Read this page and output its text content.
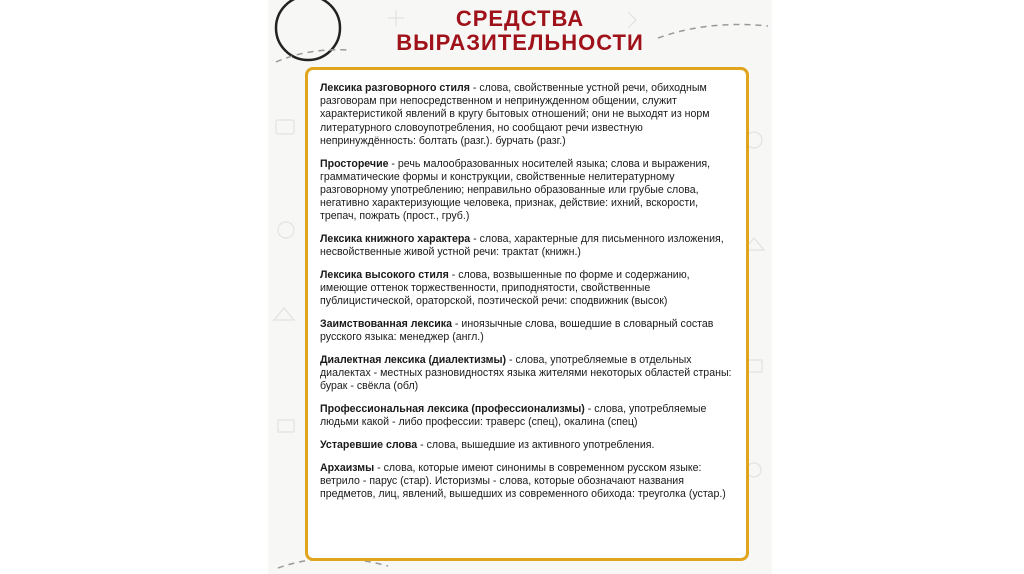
СРЕДСТВА
ВЫРАЗИТЕЛЬНОСТИ

Лексика разговорного стиля - слова, свойственные устной речи, обиходным разговорам при непосредственном и непринужденном общении, служит характеристикой явлений в кругу бытовых отношений; они не выходят из норм литературного словоупотребления, но сообщают речи известную непринуждённость: болтать (разг.). бурчать (разг.)

Просторечие - речь малообразованных носителей языка; слова и выражения, грамматические формы и конструкции, свойственные нелитературному разговорному употреблению; неправильно образованные или грубые слова, негативно характеризующие человека, признак, действие: ихний, вскорости, трепач, пожрать (прост., груб.)

Лексика книжного характера - слова, характерные для письменного изложения, несвойственные живой устной речи: трактат (книжн.)

Лексика высокого стиля - слова, возвышенные по форме и содержанию, имеющие оттенок торжественности, приподнятости, свойственные публицистической, ораторской, поэтической речи: сподвижник (высок)

Заимствованная лексика - иноязычные слова, вошедшие в словарный состав русского языка: менеджер (англ.)

Диалектная лексика (диалектизмы) - слова, употребляемые в отдельных диалектах - местных разновидностях языка жителями некоторых областей страны: бурак - свёкла (обл)

Профессиональная лексика (профессионализмы) - слова, употребляемые людьми какой - либо профессии: траверс (спец), окалина (спец)

Устаревшие слова - слова, вышедшие из активного употребления.

Архаизмы - слова, которые имеют синонимы в современном русском языке: ветрило - парус (стар). Историзмы - слова, которые обозначают названия предметов, лиц, явлений, вышедших из современного обихода: треуголка (устар.)
